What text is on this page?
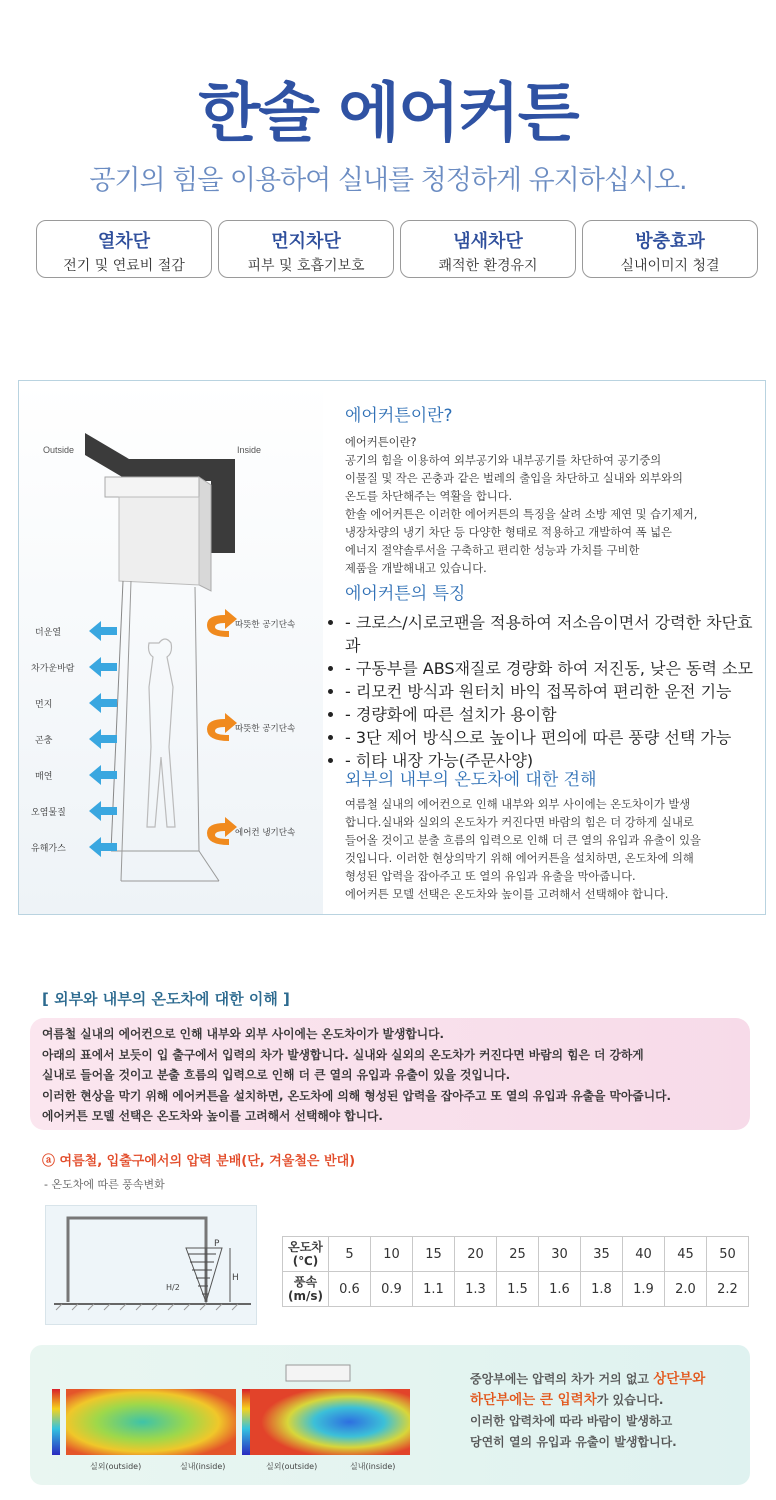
한솔 에어커튼
공기의 힘을 이용하여 실내를 청정하게 유지하십시오.
열차단
전기 및 연료비 절감
먼지차단
피부 및 호흡기보호
냄새차단
쾌적한 환경유지
방충효과
실내이미지 청결
Outside	Inside
더운열
차가운바람
먼지
곤충
매연
오염물질
유해가스
따뜻한 공기단속
따뜻한 공기단속
에어컨 냉기단속
에어커튼이란?

에어커튼이란?
공기의 힘을 이용하여 외부공기와 내부공기를 차단하여 공기중의
이물질 및 작은 곤충과 같은 벌레의 출입을 차단하고 실내와 외부와의
온도를 차단해주는 역활을 합니다.
한솔 에어커튼은 이러한 에어커튼의 특징을 살려 소방 제연 및 습기제거,
냉장차량의 냉기 차단 등 다양한 형태로 적용하고 개발하여 폭 넓은
에너지 절약솔루서을 구축하고 편리한 성능과 가치를 구비한
제품을 개발해내고 있습니다.

에어커튼의 특징
• - 크로스/시로코팬을 적용하여 저소음이면서 강력한 차단효과
• - 구동부를 ABS재질로 경량화 하여 저진동, 낮은 동력 소모
• - 리모컨 방식과 원터치 바익 접목하여 편리한 운전 기능
• - 경량화에 따른 설치가 용이함
• - 3단 제어 방식으로 높이나 편의에 따른 풍량 선택 가능
• - 히타 내장 가능(주문사양)
외부의 내부의 온도차에 대한 견해

여름철 실내의 에어컨으로 인해 내부와 외부 사이에는 온도차이가 발생
합니다.실내와 실외의 온도차가 커진다면 바람의 힘은 더 강하게 실내로
들어올 것이고 분출 흐름의 입력으로 인해 더 큰 열의 유입과 유출이 있을
것입니다. 이러한 현상의막기 위해 에어커튼을 설치하면, 온도차에 의해
형성된 압력을 잡아주고 또 열의 유입과 유출을 막아줍니다.
에어커튼 모델 선택은 온도차와 높이를 고려해서 선택해야 합니다.

[ 외부와 내부의 온도차에 대한 이해 ]

여름철 실내의 에어컨으로 인해 내부와 외부 사이에는 온도차이가 발생합니다.
아래의 표에서 보듯이 입 출구에서 입력의 차가 발생합니다. 실내와 실외의 온도차가 커진다면 바람의 힘은 더 강하게
실내로 들어올 것이고 분출 흐름의 입력으로 인해 더 큰 열의 유입과 유출이 있을 것입니다.
이러한 현상을 막기 위해 에어커튼을 설치하면, 온도차에 의해 형성된 압력을 잡아주고 또 열의 유입과 유출을 막아줍니다.
에어커튼 모델 선택은 온도차와 높이를 고려해서 선택해야 합니다.

ⓐ 여름철, 입출구에서의 압력 분배(단, 겨울철은 반대)
- 온도차에 따른 풍속변화
P
H
H/2
온도차
(℃)	5	10	15	20	25	30	35	40	45	50
풍속
(m/s)	0.6	0.9	1.1	1.3	1.5	1.6	1.8	1.9	2.0	2.2
실외(outside)	실내(inside)	실외(outside)	실내(inside)
중앙부에는 압력의 차가 거의 없고 상단부와
하단부에는 큰 입력차가 있습니다.
이러한 압력차에 따라 바람이 발생하고
당연히 열의 유입과 유출이 발생합니다.
